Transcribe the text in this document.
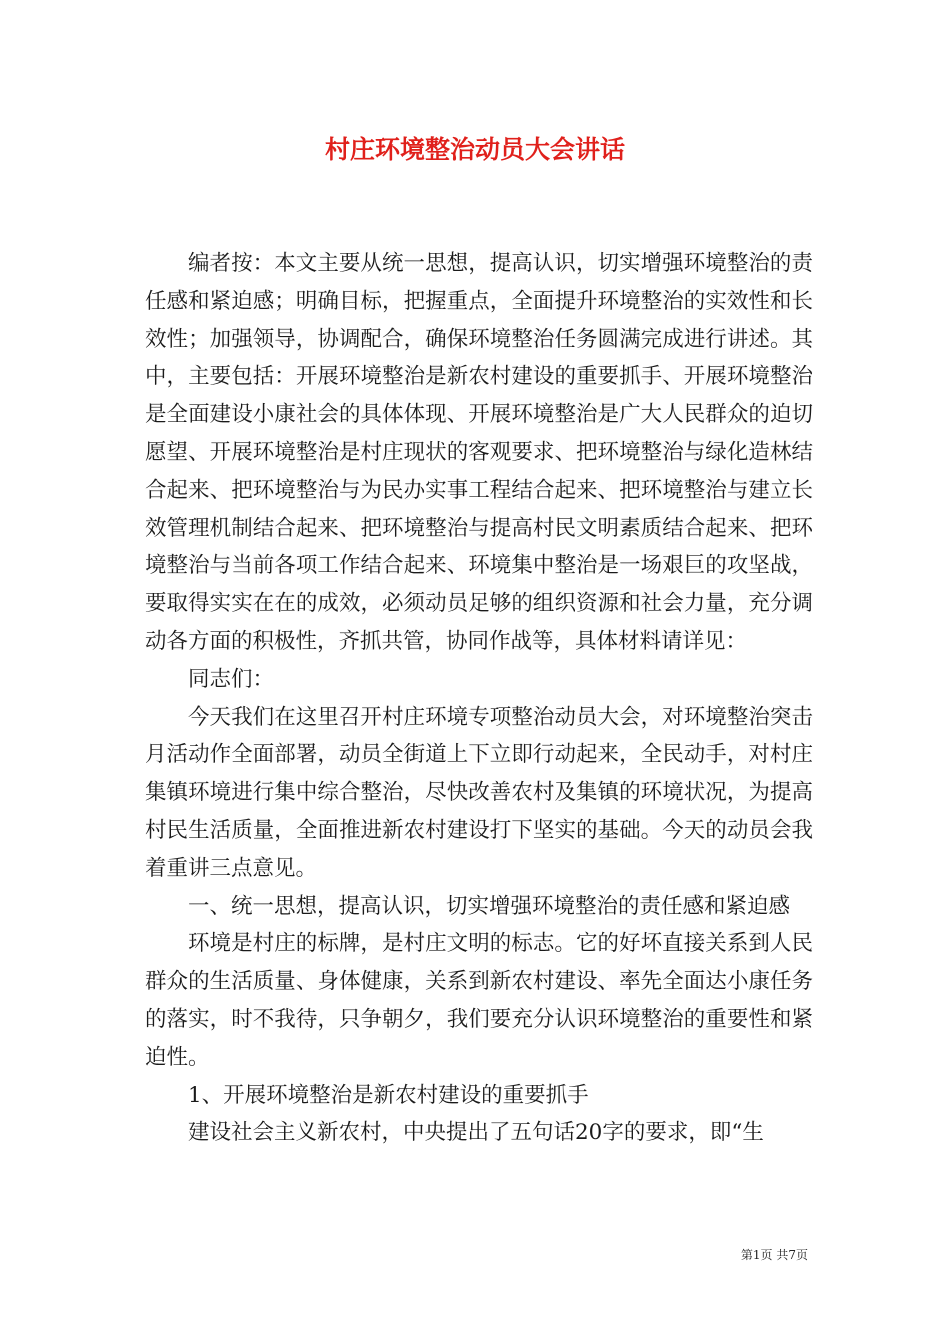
村庄环境整治动员大会讲话

编者按：本文主要从统一思想，提高认识，切实增强环境整治的责任感和紧迫感；明确目标，把握重点，全面提升环境整治的实效性和长效性；加强领导，协调配合，确保环境整治任务圆满完成进行讲述。其中，主要包括：开展环境整治是新农村建设的重要抓手、开展环境整治是全面建设小康社会的具体体现、开展环境整治是广大人民群众的迫切愿望、开展环境整治是村庄现状的客观要求、把环境整治与绿化造林结合起来、把环境整治与为民办实事工程结合起来、把环境整治与建立长效管理机制结合起来、把环境整治与提高村民文明素质结合起来、把环境整治与当前各项工作结合起来、环境集中整治是一场艰巨的攻坚战，要取得实实在在的成效，必须动员足够的组织资源和社会力量，充分调动各方面的积极性，齐抓共管，协同作战等，具体材料请详见：

同志们：

今天我们在这里召开村庄环境专项整治动员大会，对环境整治突击月活动作全面部署，动员全街道上下立即行动起来，全民动手，对村庄集镇环境进行集中综合整治，尽快改善农村及集镇的环境状况，为提高村民生活质量，全面推进新农村建设打下坚实的基础。今天的动员会我着重讲三点意见。

一、统一思想，提高认识，切实增强环境整治的责任感和紧迫感

环境是村庄的标牌，是村庄文明的标志。它的好坏直接关系到人民群众的生活质量、身体健康，关系到新农村建设、率先全面达小康任务的落实，时不我待，只争朝夕，我们要充分认识环境整治的重要性和紧迫性。

1、开展环境整治是新农村建设的重要抓手

建设社会主义新农村，中央提出了五句话20字的要求，即“生

第1页 共7页
